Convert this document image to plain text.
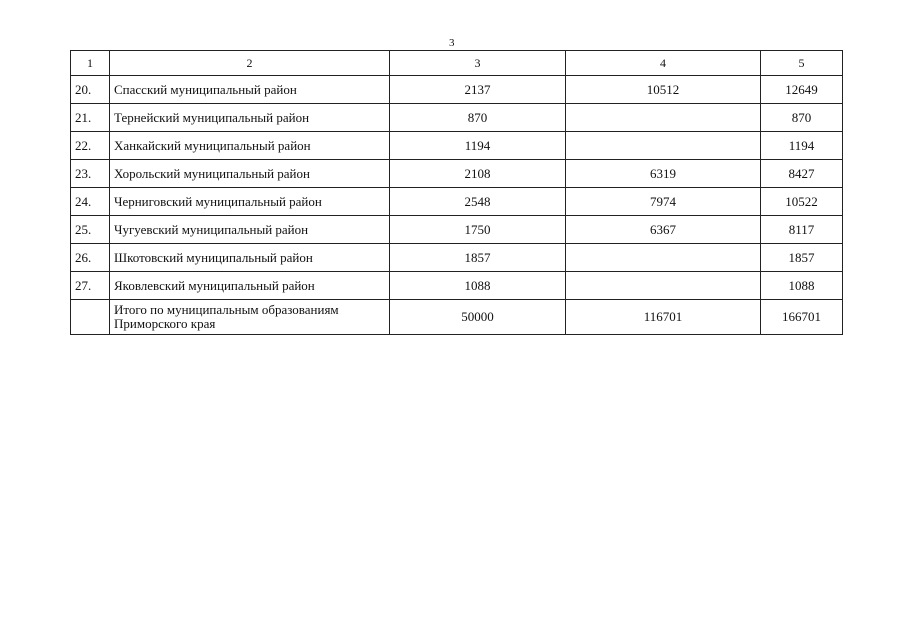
3
1	2	3	4	5
20.	Спасский муниципальный район	2137	10512	12649
21.	Тернейский муниципальный район	870		870
22.	Ханкайский муниципальный район	1194		1194
23.	Хорольский муниципальный район	2108	6319	8427
24.	Черниговский муниципальный район	2548	7974	10522
25.	Чугуевский муниципальный район	1750	6367	8117
26.	Шкотовский муниципальный район	1857		1857
27.	Яковлевский муниципальный район	1088		1088
	Итого по муниципальным образованиям Приморского края	50000	116701	166701
